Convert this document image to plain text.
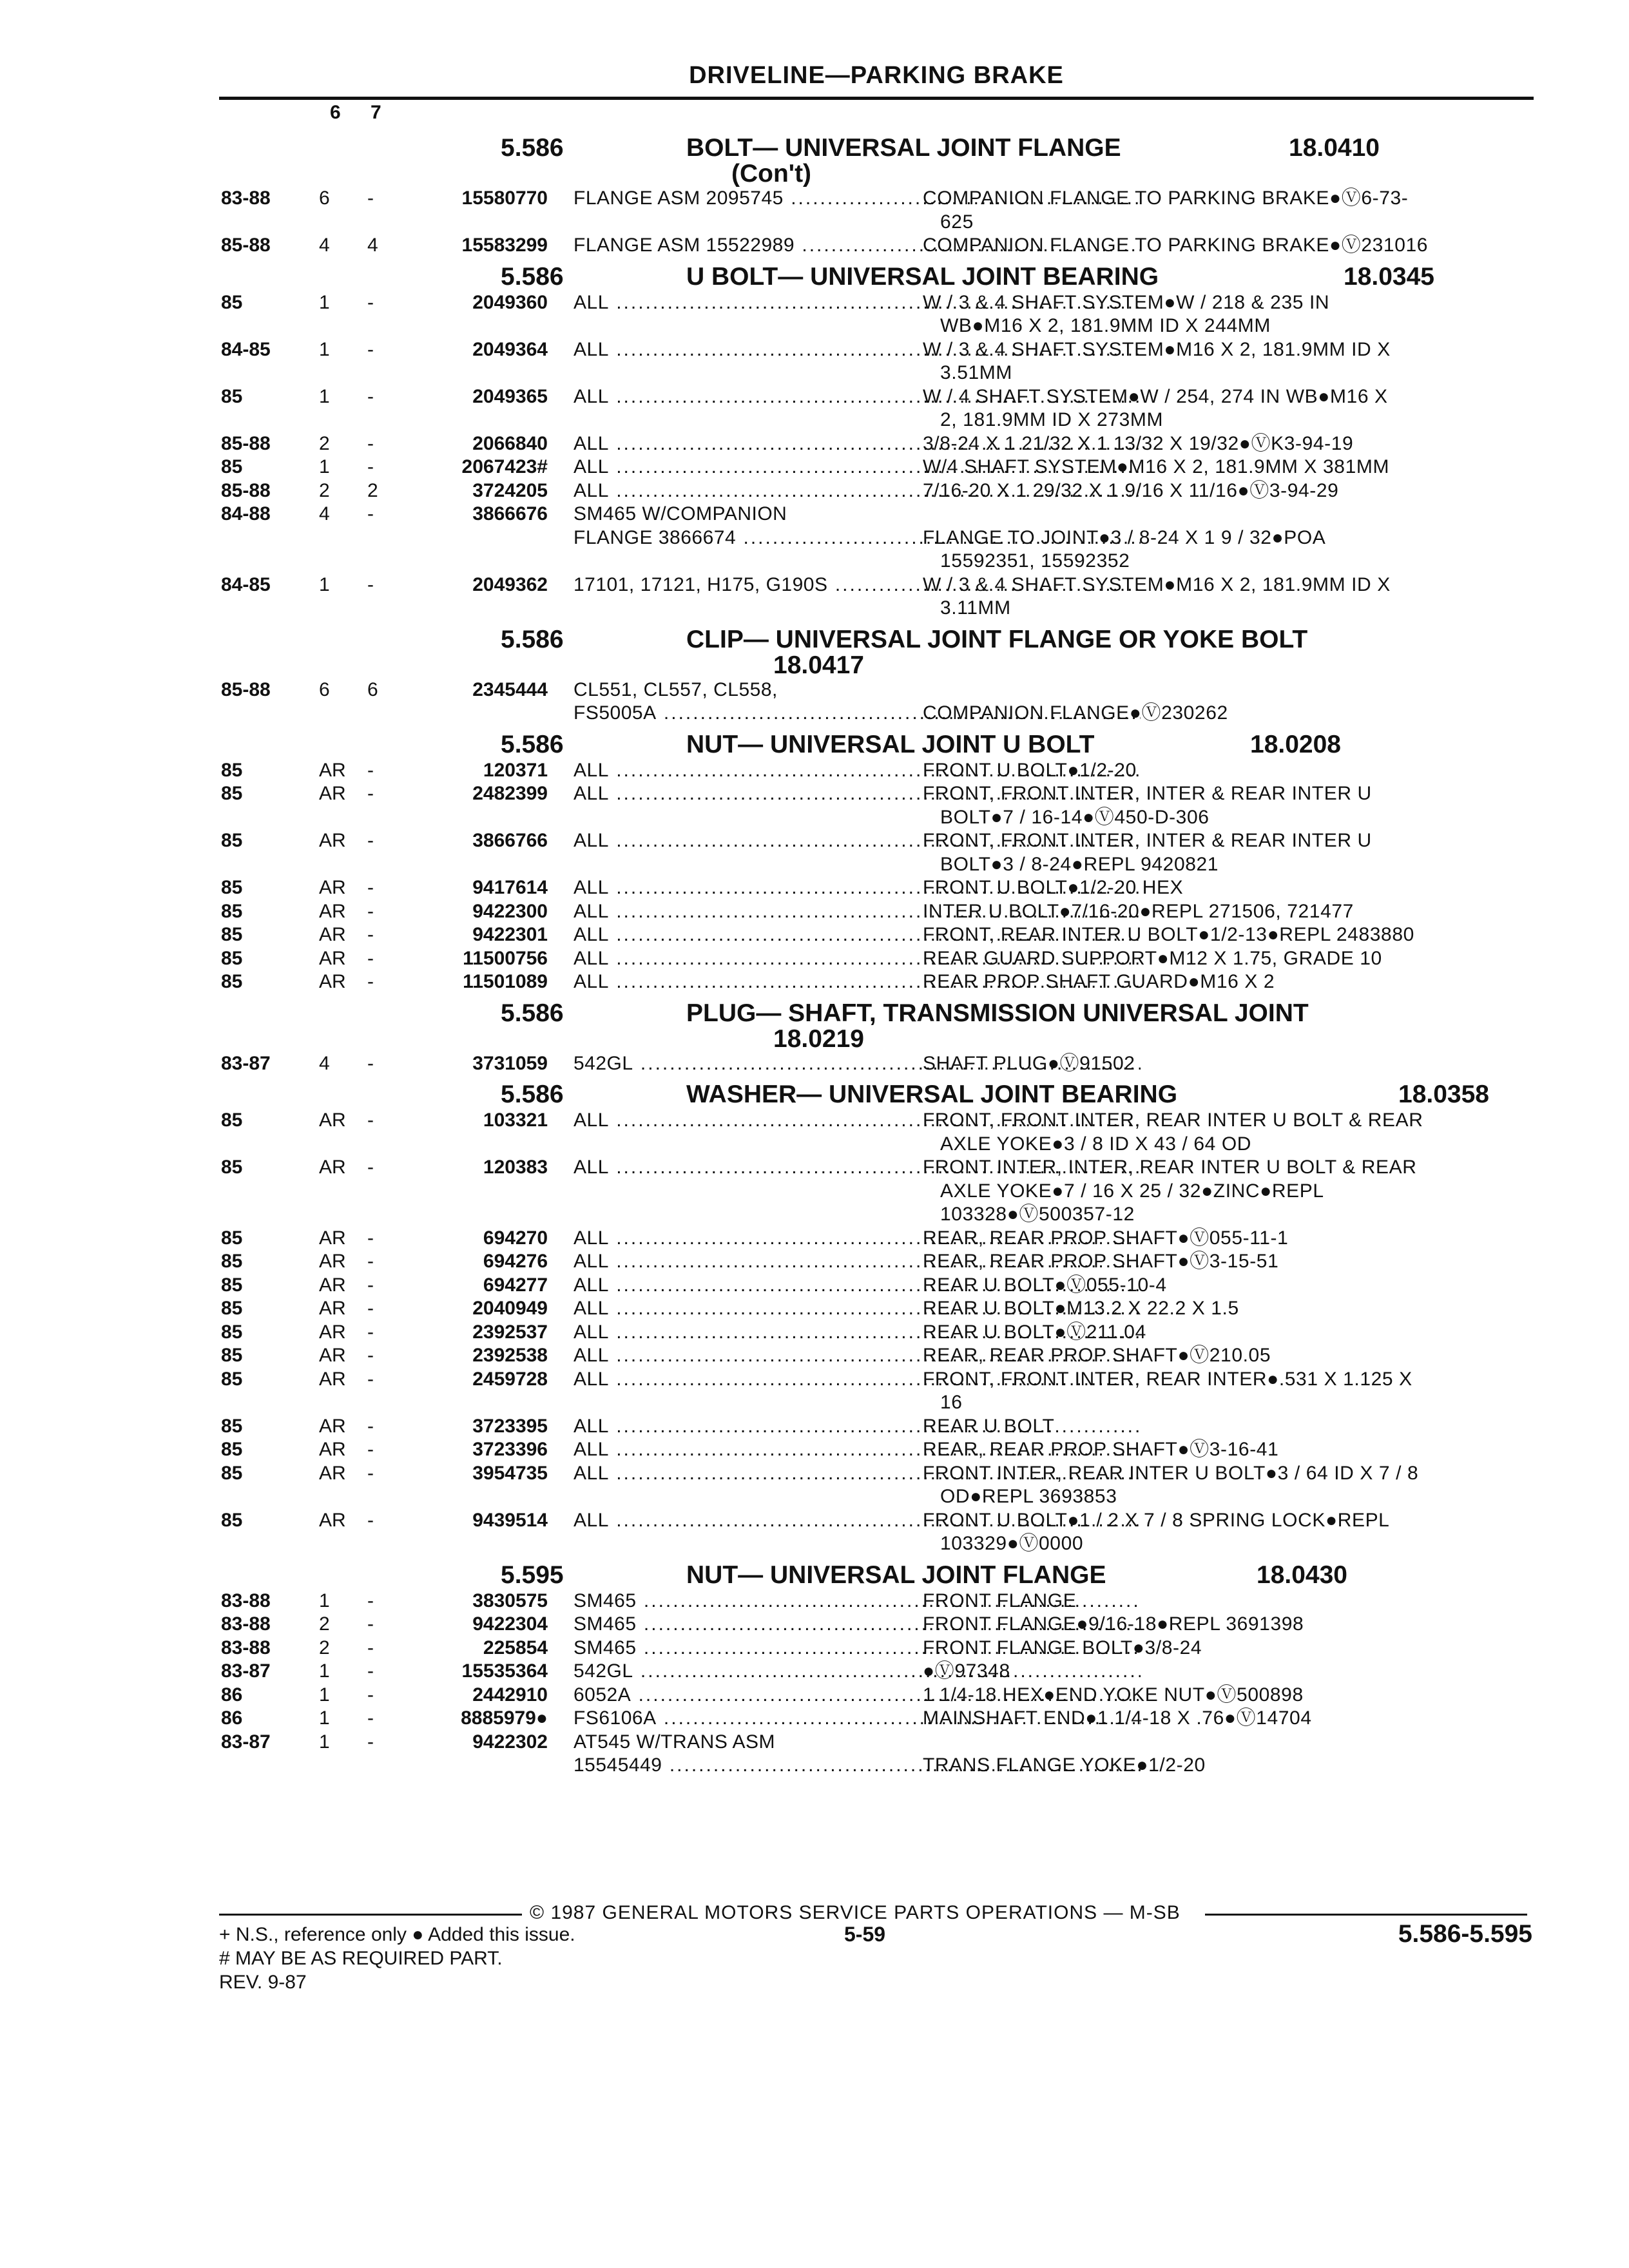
DRIVELINE—PARKING BRAKE
6 7
5.586	BOLT— UNIVERSAL JOINT FLANGE	18.0410
(Con't)
83-88	6 -	15580770 FLANGE ASM 2095745 .....	COMPANION FLANGE TO PARKING BRAKE●Ⓥ6-73-
625
85-88	4 4	15583299 FLANGE ASM 15522989 .....	COMPANION FLANGE TO PARKING BRAKE●Ⓥ231016
5.586	U BOLT— UNIVERSAL JOINT BEARING	18.0345
85	1 -	2049360 ALL .....	W / 3 & 4 SHAFT SYSTEM●W / 218 & 235 IN
WB●M16 X 2, 181.9MM ID X 244MM
84-85	1 -	2049364 ALL .....	W / 3 & 4 SHAFT SYSTEM●M16 X 2, 181.9MM ID X
3.51MM
85	1 -	2049365 ALL .....	W / 4 SHAFT SYSTEM●W / 254, 274 IN WB●M16 X
2, 181.9MM ID X 273MM
85-88	2 -	2066840 ALL .....	3/8-24 X 1 21/32 X 1 13/32 X 19/32●ⓋK3-94-19
85	1 -	2067423# ALL .....	W/4 SHAFT SYSTEM●M16 X 2, 181.9MM X 381MM
85-88	2 2	3724205 ALL .....	7/16-20 X 1 29/32 X 1 9/16 X 11/16●Ⓥ3-94-29
84-88	4 -	3866676 SM465 W/COMPANION
FLANGE 3866674 .....
	FLANGE TO JOINT●3 / 8-24 X 1 9 / 32●POA
15592351, 15592352
84-85	1 -	2049362 17101, 17121, H175, G190S .....	W / 3 & 4 SHAFT SYSTEM●M16 X 2, 181.9MM ID X
3.11MM
5.586	CLIP— UNIVERSAL JOINT FLANGE OR YOKE BOLT
18.0417
85-88	6 6	2345444 CL551, CL557, CL558,
FS5005A .....
	COMPANION FLANGE●Ⓥ230262
5.586	NUT— UNIVERSAL JOINT U BOLT	18.0208
85	AR -	120371 ALL .....	FRONT U BOLT●1/2-20
85	AR -	2482399 ALL .....	FRONT, FRONT INTER, INTER & REAR INTER U
BOLT●7 / 16-14●Ⓥ450-D-306
85	AR -	3866766 ALL .....	FRONT, FRONT INTER, INTER & REAR INTER U
BOLT●3 / 8-24●REPL 9420821
85	AR -	9417614 ALL .....	FRONT U BOLT●1/2-20 HEX
85	AR -	9422300 ALL .....	INTER U BOLT●7/16-20●REPL 271506, 721477
85	AR -	9422301 ALL .....	FRONT, REAR INTER U BOLT●1/2-13●REPL 2483880
85	AR -	11500756 ALL .....	REAR GUARD SUPPORT●M12 X 1.75, GRADE 10
85	AR -	11501089 ALL .....	REAR PROP SHAFT GUARD●M16 X 2
5.586	PLUG— SHAFT, TRANSMISSION UNIVERSAL JOINT
18.0219
83-87	4 -	3731059 542GL .....	SHAFT PLUG●Ⓥ91502
5.586	WASHER— UNIVERSAL JOINT BEARING	18.0358
85	AR -	103321 ALL .....	FRONT, FRONT INTER, REAR INTER U BOLT & REAR
AXLE YOKE●3 / 8 ID X 43 / 64 OD
85	AR -	120383 ALL .....	FRONT INTER, INTER, REAR INTER U BOLT & REAR
AXLE YOKE●7 / 16 X 25 / 32●ZINC●REPL
103328●Ⓥ500357-12
85	AR -	694270 ALL .....	REAR, REAR PROP SHAFT●Ⓥ055-11-1
85	AR -	694276 ALL .....	REAR, REAR PROP SHAFT●Ⓥ3-15-51
85	AR -	694277 ALL .....	REAR U BOLT●Ⓥ055-10-4
85	AR -	2040949 ALL .....	REAR U BOLT●M13.2 X 22.2 X 1.5
85	AR -	2392537 ALL .....	REAR U BOLT●Ⓥ211.04
85	AR -	2392538 ALL .....	REAR, REAR PROP SHAFT●Ⓥ210.05
85	AR -	2459728 ALL .....	FRONT, FRONT INTER, REAR INTER●.531 X 1.125 X
16
85	AR -	3723395 ALL .....	REAR U BOLT
85	AR -	3723396 ALL .....	REAR, REAR PROP SHAFT●Ⓥ3-16-41
85	AR -	3954735 ALL .....	FRONT INTER, REAR INTER U BOLT●3 / 64 ID X 7 / 8
OD●REPL 3693853
85	AR -	9439514 ALL .....	FRONT U BOLT●1 / 2 X 7 / 8 SPRING LOCK●REPL
103329●Ⓥ0000
5.595	NUT— UNIVERSAL JOINT FLANGE	18.0430
83-88	1 -	3830575 SM465 .....	FRONT FLANGE
83-88	2 -	9422304 SM465 .....	FRONT FLANGE●9/16-18●REPL 3691398
83-88	2 -	225854 SM465 .....	FRONT FLANGE BOLT●3/8-24
83-87	1 -	15535364 542GL .....	●Ⓥ97348
86	1 -	2442910 6052A .....	1 1/4-18 HEX●END YOKE NUT●Ⓥ500898
86	1 -	8885979● FS6106A .....	MAINSHAFT END●1 1/4-18 X .76●Ⓥ14704
83-87	1 -	9422302 AT545 W/TRANS ASM
15545449 .....
	TRANS FLANGE YOKE●1/2-20
© 1987 GENERAL MOTORS SERVICE PARTS OPERATIONS — M-SB
+ N.S., reference only ● Added this issue.
# MAY BE AS REQUIRED PART.
REV. 9-87
5-59	5.586-5.595
